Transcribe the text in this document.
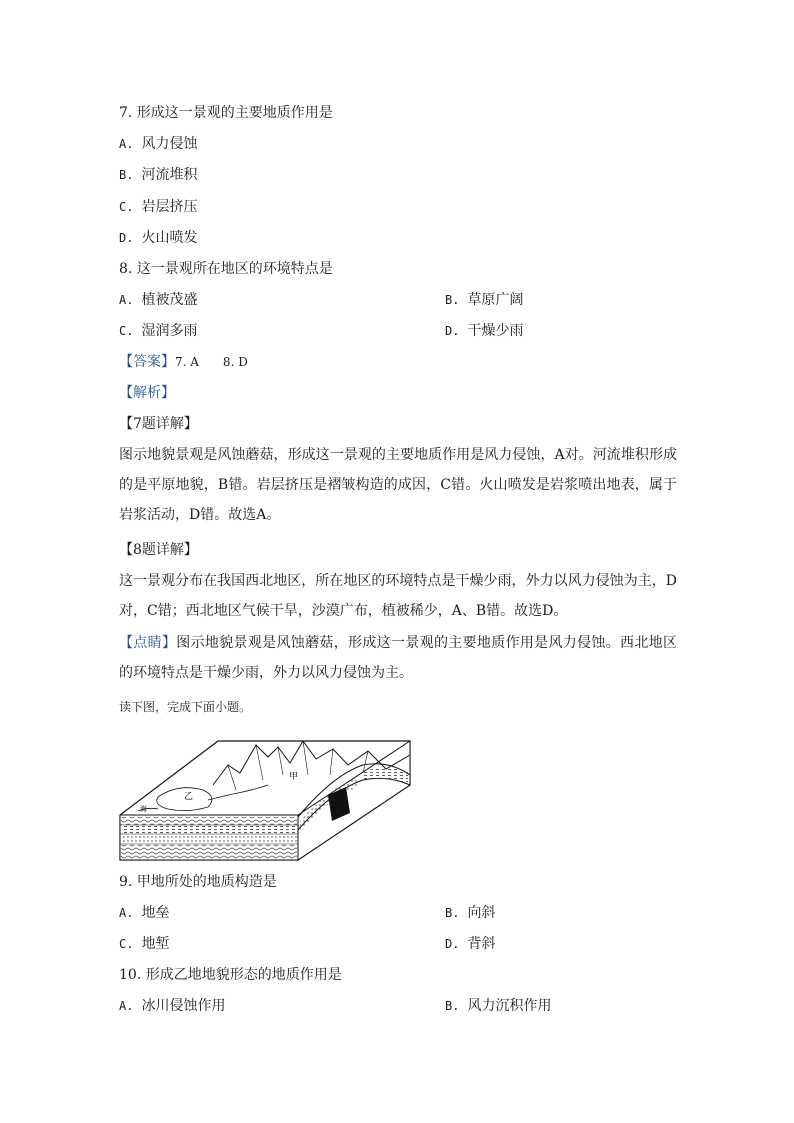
7. 形成这一景观的主要地质作用是
A. 风力侵蚀
B. 河流堆积
C. 岩层挤压
D. 火山喷发
8. 这一景观所在地区的环境特点是
A. 植被茂盛	B. 草原广阔
C. 湿润多雨	D. 干燥少雨
【答案】7. A　　8. D
【解析】
【7题详解】
图示地貌景观是风蚀蘑菇，形成这一景观的主要地质作用是风力侵蚀，A对。河流堆积形成的是平原地貌，B错。岩层挤压是褶皱构造的成因，C错。火山喷发是岩浆喷出地表，属于岩浆活动，D错。故选A。
【8题详解】
这一景观分布在我国西北地区，所在地区的环境特点是干燥少雨，外力以风力侵蚀为主，D对，C错；西北地区气候干旱，沙漠广布，植被稀少，A、B错。故选D。
【点睛】图示地貌景观是风蚀蘑菇，形成这一景观的主要地质作用是风力侵蚀。西北地区的环境特点是干燥少雨，外力以风力侵蚀为主。
读下图，完成下面小题。
甲
乙
海
9. 甲地所处的地质构造是
A. 地垒	B. 向斜
C. 地堑	D. 背斜
10. 形成乙地地貌形态的地质作用是
A. 冰川侵蚀作用	B. 风力沉积作用
